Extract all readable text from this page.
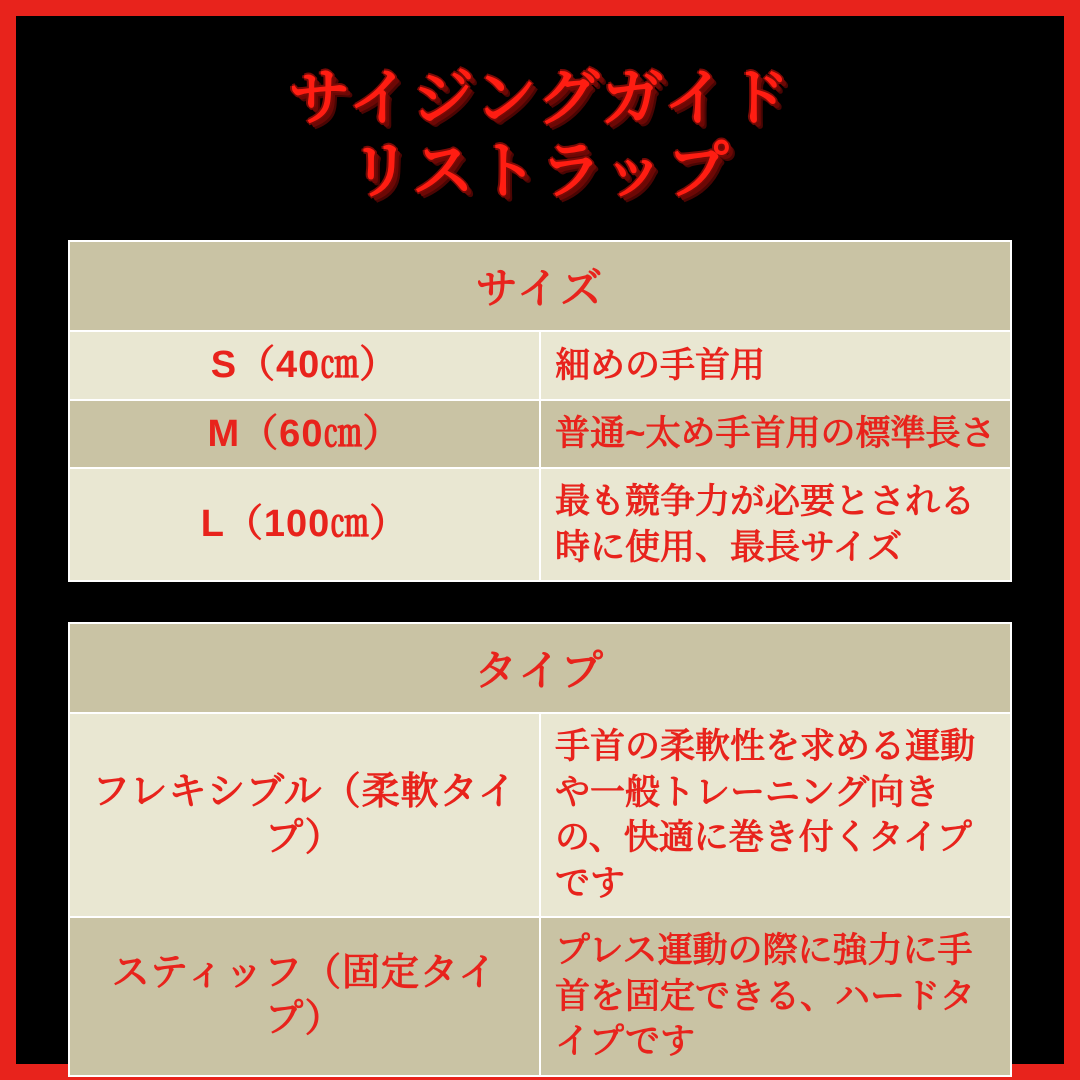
サイジングガイド
リストラップ
サイズ	
S（40㎝）	細めの手首用
M（60㎝）	普通~太め手首用の標準長さ
L（100㎝）	最も競争力が必要とされる時に使用、最長サイズ
タイプ	
フレキシブル（柔軟タイプ）	手首の柔軟性を求める運動や一般トレーニング向きの、快適に巻き付くタイプです
スティッフ（固定タイプ）	プレス運動の際に強力に手首を固定できる、ハードタイプです
